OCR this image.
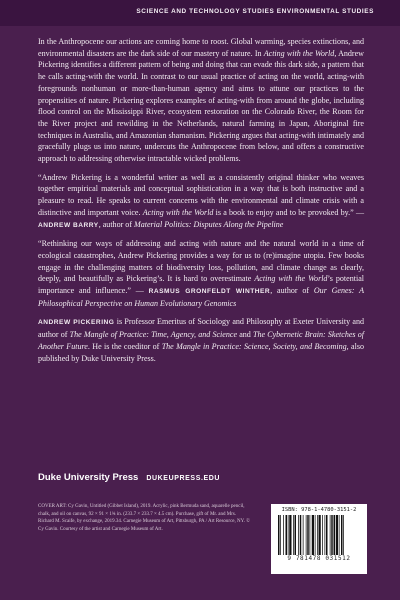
SCIENCE AND TECHNOLOGY STUDIES ENVIRONMENTAL STUDIES

In the Anthropocene our actions are coming home to roost. Global warming, species extinctions, and environmental disasters are the dark side of our mastery of nature. In Acting with the World, Andrew Pickering identifies a different pattern of being and doing that can evade this dark side, a pattern that he calls acting-with the world. In contrast to our usual practice of acting on the world, acting-with foregrounds nonhuman or more-than-human agency and aims to attune our practices to the propensities of nature. Pickering explores examples of acting-with from around the globe, including flood control on the Mississippi River, ecosystem restoration on the Colorado River, the Room for the River project and rewilding in the Netherlands, natural farming in Japan, Aboriginal fire techniques in Australia, and Amazonian shamanism. Pickering argues that acting-with intimately and gracefully plugs us into nature, undercuts the Anthropocene from below, and offers a constructive approach to addressing otherwise intractable wicked problems.

“Andrew Pickering is a wonderful writer as well as a consistently original thinker who weaves together empirical materials and conceptual sophistication in a way that is both instructive and a pleasure to read. He speaks to current concerns with the environmental and climate crisis with a distinctive and important voice. Acting with the World is a book to enjoy and to be provoked by.” — ANDREW BARRY, author of Material Politics: Disputes Along the Pipeline

“Rethinking our ways of addressing and acting with nature and the natural world in a time of ecological catastrophes, Andrew Pickering provides a way for us to (re)imagine utopia. Few books engage in the challenging matters of biodiversity loss, pollution, and climate change as clearly, deeply, and beautifully as Pickering’s. It is hard to overestimate Acting with the World’s potential importance and influence.” — RASMUS GRONFELDT WINTHER, author of Our Genes: A Philosophical Perspective on Human Evolutionary Genomics

ANDREW PICKERING is Professor Emeritus of Sociology and Philosophy at Exeter University and author of The Mangle of Practice: Time, Agency, and Science and The Cybernetic Brain: Sketches of Another Future. He is the coeditor of The Mangle in Practice: Science, Society, and Becoming, also published by Duke University Press.

Duke University Press DUKEUPRESS.EDU
COVER ART: Cy Gavin, Untitled (Gibbet Island), 2019. Acrylic, pink Bermuda sand, aquarelle pencil, chalk, and oil on canvas, 92 × 91 × 1¾ in. (233.7 × 233.7 × 4.5 cm). Purchase, gift of Mr. and Mrs. Richard M. Scaife, by exchange, 2019.34. Carnegie Museum of Art, Pittsburgh, PA / Art Resource, NY. © Cy Gavin. Courtesy of the artist and Carnegie Museum of Art.
ISBN: 978-1-4780-3151-2
9 781478 031512
